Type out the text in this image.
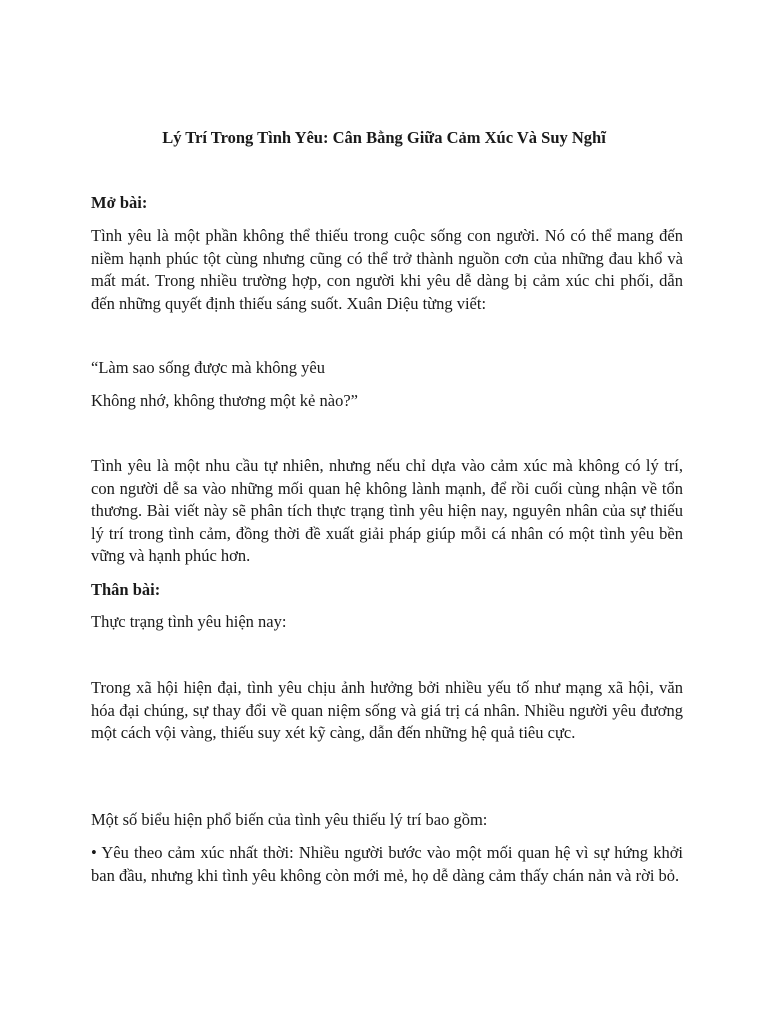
Lý Trí Trong Tình Yêu: Cân Bằng Giữa Cảm Xúc Và Suy Nghĩ
Mở bài:
Tình yêu là một phần không thể thiếu trong cuộc sống con người. Nó có thể mang đến niềm hạnh phúc tột cùng nhưng cũng có thể trở thành nguồn cơn của những đau khổ và mất mát. Trong nhiều trường hợp, con người khi yêu dễ dàng bị cảm xúc chi phối, dẫn đến những quyết định thiếu sáng suốt. Xuân Diệu từng viết:
“Làm sao sống được mà không yêu
Không nhớ, không thương một kẻ nào?”
Tình yêu là một nhu cầu tự nhiên, nhưng nếu chỉ dựa vào cảm xúc mà không có lý trí, con người dễ sa vào những mối quan hệ không lành mạnh, để rồi cuối cùng nhận về tổn thương. Bài viết này sẽ phân tích thực trạng tình yêu hiện nay, nguyên nhân của sự thiếu lý trí trong tình cảm, đồng thời đề xuất giải pháp giúp mỗi cá nhân có một tình yêu bền vững và hạnh phúc hơn.
Thân bài:
Thực trạng tình yêu hiện nay:
Trong xã hội hiện đại, tình yêu chịu ảnh hưởng bởi nhiều yếu tố như mạng xã hội, văn hóa đại chúng, sự thay đổi về quan niệm sống và giá trị cá nhân. Nhiều người yêu đương một cách vội vàng, thiếu suy xét kỹ càng, dẫn đến những hệ quả tiêu cực.
Một số biểu hiện phổ biến của tình yêu thiếu lý trí bao gồm:
• Yêu theo cảm xúc nhất thời: Nhiều người bước vào một mối quan hệ vì sự hứng khởi ban đầu, nhưng khi tình yêu không còn mới mẻ, họ dễ dàng cảm thấy chán nản và rời bỏ.
